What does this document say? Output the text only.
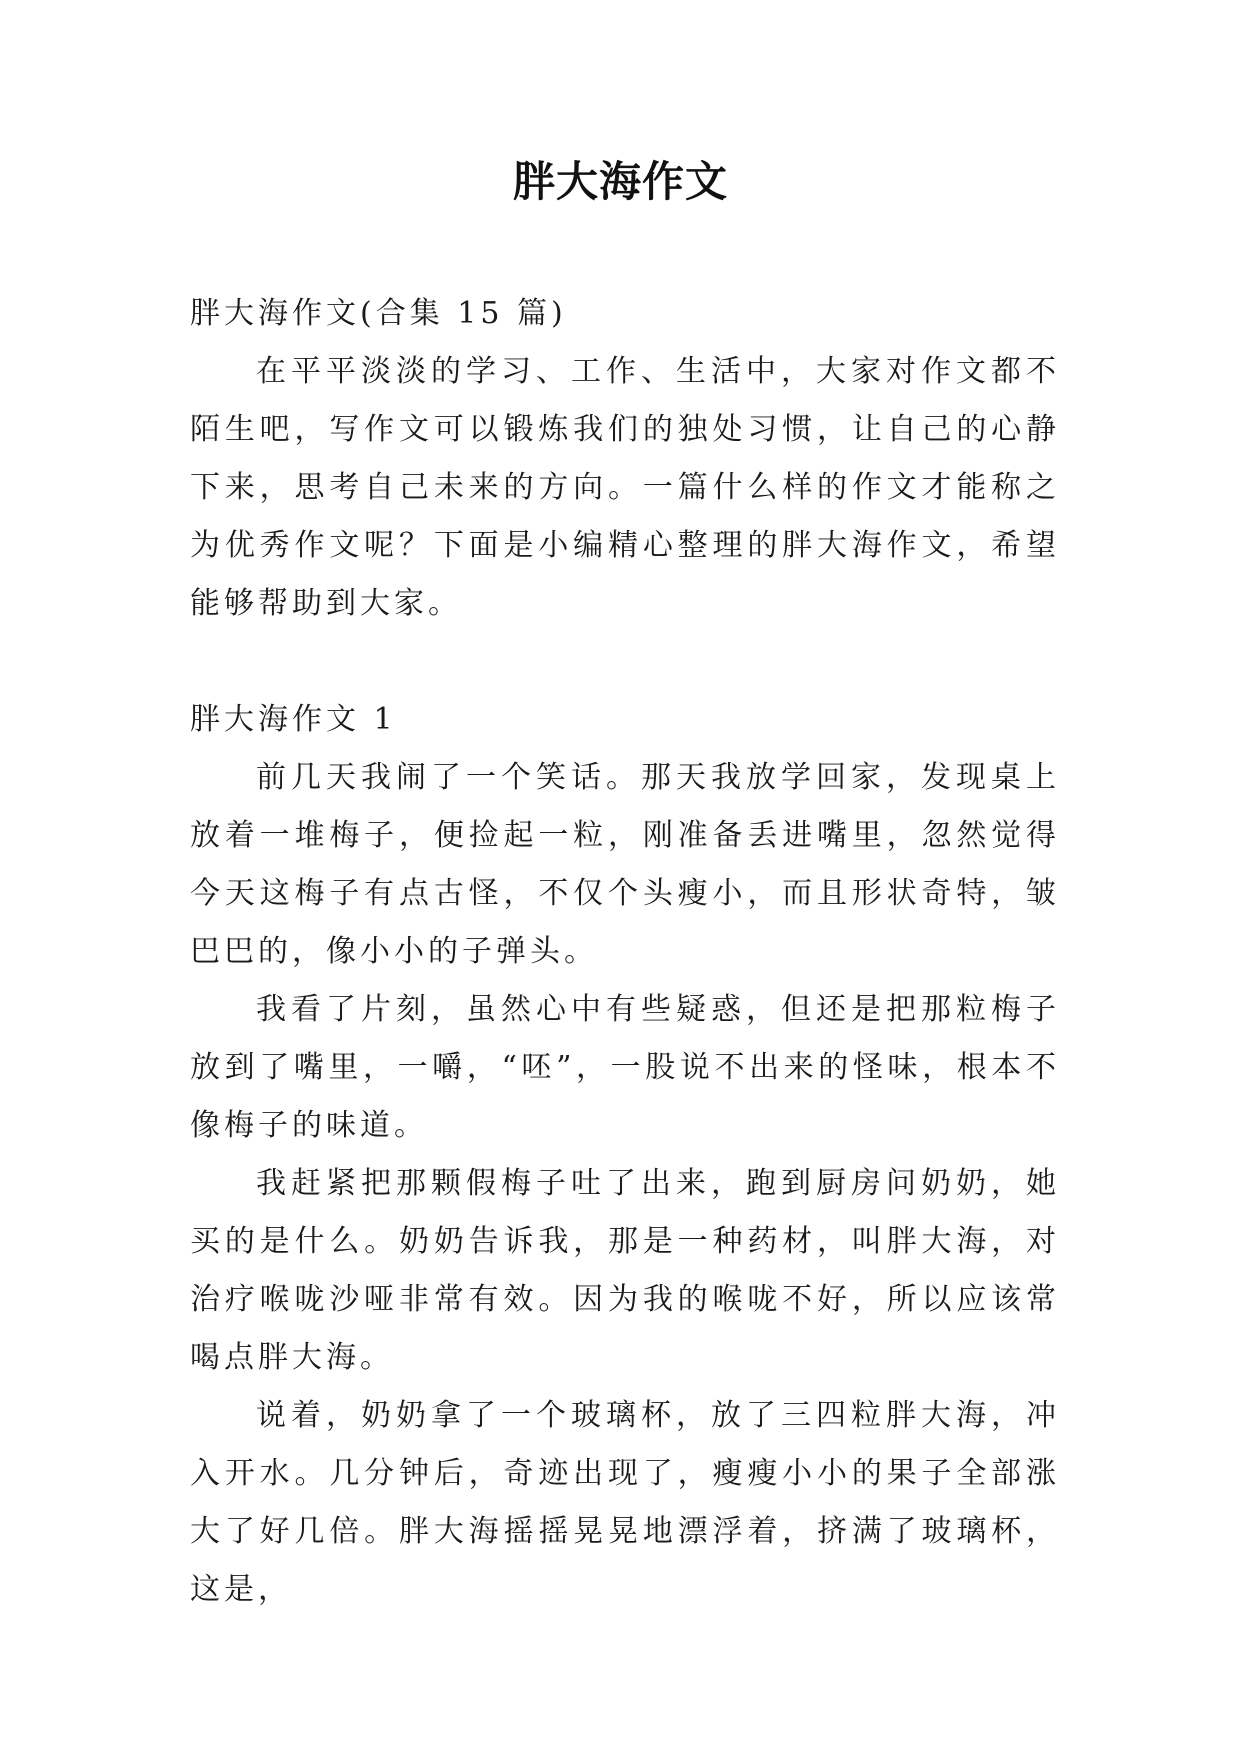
胖大海作文

胖大海作文(合集 15 篇)

在平平淡淡的学习、工作、生活中，大家对作文都不陌生吧，写作文可以锻炼我们的独处习惯，让自己的心静下来，思考自己未来的方向。一篇什么样的作文才能称之为优秀作文呢？下面是小编精心整理的胖大海作文，希望能够帮助到大家。

胖大海作文 1

前几天我闹了一个笑话。那天我放学回家，发现桌上放着一堆梅子，便捡起一粒，刚准备丢进嘴里，忽然觉得今天这梅子有点古怪，不仅个头瘦小，而且形状奇特，皱巴巴的，像小小的子弹头。

我看了片刻，虽然心中有些疑惑，但还是把那粒梅子放到了嘴里，一嚼，“呸”，一股说不出来的怪味，根本不像梅子的味道。

我赶紧把那颗假梅子吐了出来，跑到厨房问奶奶，她买的是什么。奶奶告诉我，那是一种药材，叫胖大海，对治疗喉咙沙哑非常有效。因为我的喉咙不好，所以应该常喝点胖大海。

说着，奶奶拿了一个玻璃杯，放了三四粒胖大海，冲入开水。几分钟后，奇迹出现了，瘦瘦小小的果子全部涨大了好几倍。胖大海摇摇晃晃地漂浮着，挤满了玻璃杯，这是，
